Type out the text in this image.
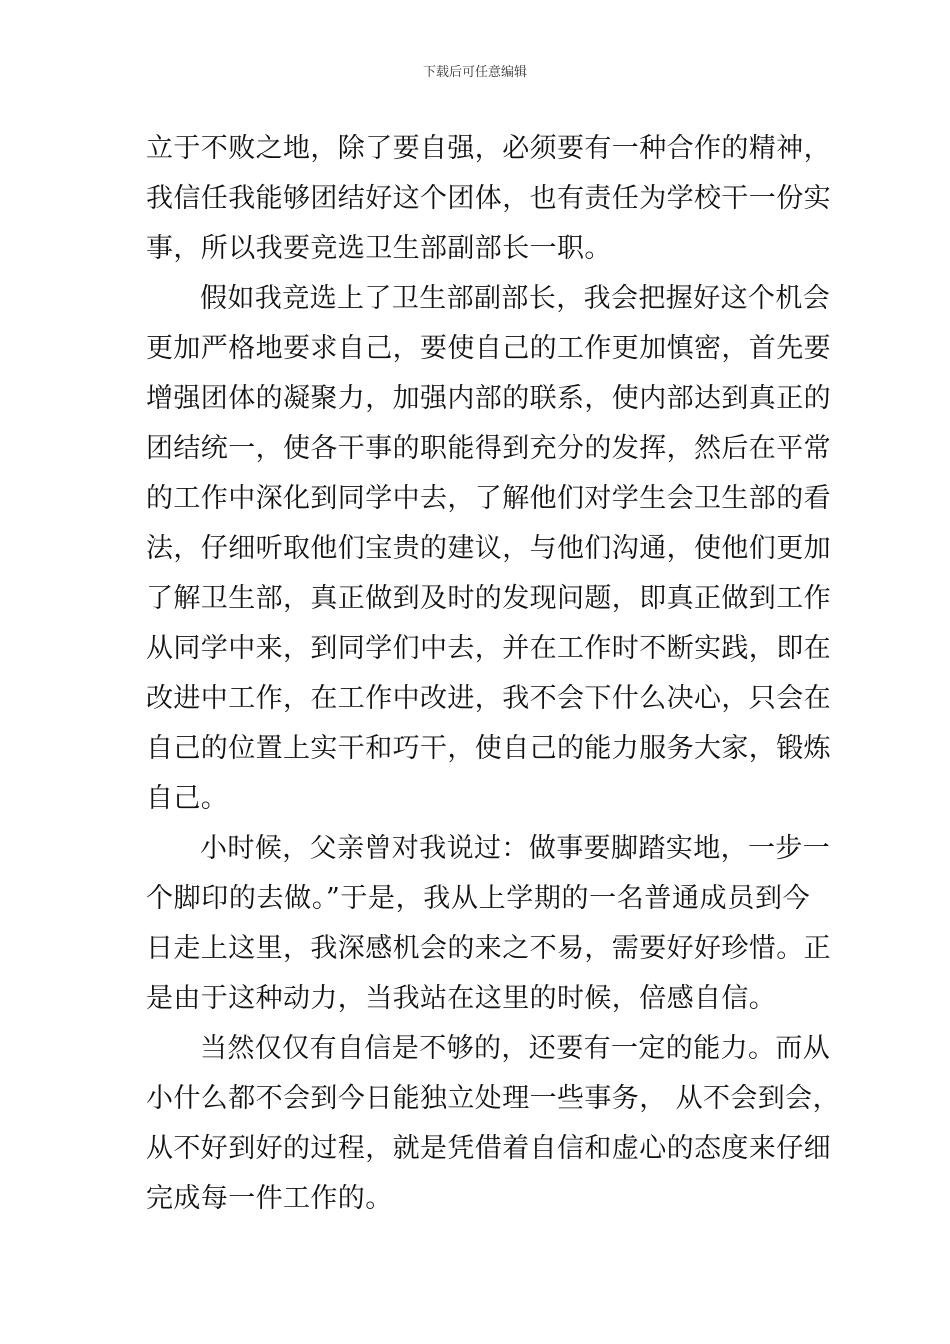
下载后可任意编辑
立于不败之地，除了要自强，必须要有一种合作的精神，
我信任我能够团结好这个团体，也有责任为学校干一份实
事，所以我要竞选卫生部副部长一职。
假如我竞选上了卫生部副部长，我会把握好这个机会
更加严格地要求自己，要使自己的工作更加慎密，首先要
增强团体的凝聚力，加强内部的联系，使内部达到真正的
团结统一，使各干事的职能得到充分的发挥，然后在平常
的工作中深化到同学中去，了解他们对学生会卫生部的看
法，仔细听取他们宝贵的建议，与他们沟通，使他们更加
了解卫生部，真正做到及时的发现问题，即真正做到工作
从同学中来，到同学们中去，并在工作时不断实践，即在
改进中工作，在工作中改进，我不会下什么决心，只会在
自己的位置上实干和巧干，使自己的能力服务大家，锻炼
自己。
小时候，父亲曾对我说过：做事要脚踏实地，一步一
个脚印的去做。”于是，我从上学期的一名普通成员到今
日走上这里，我深感机会的来之不易，需要好好珍惜。正
是由于这种动力，当我站在这里的时候，倍感自信。
当然仅仅有自信是不够的，还要有一定的能力。而从
小什么都不会到今日能独立处理一些事务， 从不会到会，
从不好到好的过程，就是凭借着自信和虚心的态度来仔细
完成每一件工作的。
